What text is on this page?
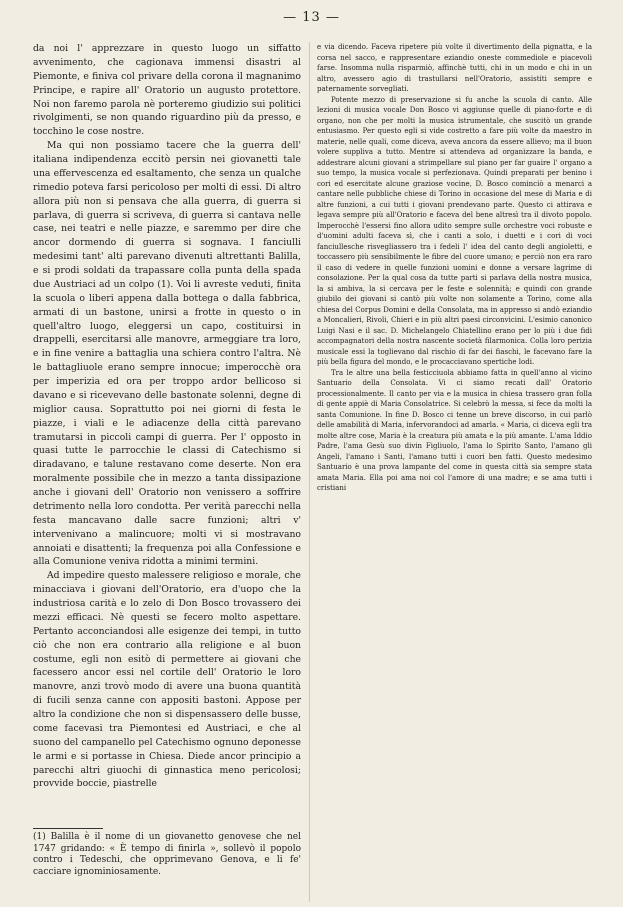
— 13 —

da noi l' apprezzare in questo luogo un siffatto avvenimento, che cagionava immensi disastri al Piemonte, e finiva col privare della corona il magnanimo Principe, e rapire all' Oratorio un augusto protettore. Noi non faremo parola nè porteremo giudizio sui politici rivolgimenti, se non quando riguardino più da presso, e tocchino le cose nostre.

Ma qui non possiamo tacere che la guerra dell' italiana indipendenza eccitò persin nei giovanetti tale una effervescenza ed esaltamento, che senza un qualche rimedio poteva farsi pericoloso per molti di essi. Di altro allora più non si pensava che alla guerra, di guerra si parlava, di guerra si scriveva, di guerra si cantava nelle case, nei teatri e nelle piazze, e saremmo per dire che ancor dormendo di guerra si sognava. I fanciulli medesimi tant' alti parevano divenuti altrettanti Balilla, e si prodi soldati da trapassare colla punta della spada due Austriaci ad un colpo (1). Voi li avreste veduti, finita la scuola o liberi appena dalla bottega o dalla fabbrica, armati di un bastone, unirsi a frotte in questo o in quell'altro luogo, eleggersi un capo, costituirsi in drappelli, esercitarsi alle manovre, armeggiare tra loro, e in fine venire a battaglia una schiera contro l'altra. Nè le battagliuole erano sempre innocue; imperocchè ora per imperizia ed ora per troppo ardor bellicoso si davano e si ricevevano delle bastonate solenni, degne di miglior causa. Soprattutto poi nei giorni di festa le piazze, i viali e le adiacenze della città parevano tramutarsi in piccoli campi di guerra. Per l' opposto in quasi tutte le parrocchie le classi di Catechismo si diradavano, e talune restavano come deserte. Non era moralmente possibile che in mezzo a tanta dissipazione anche i giovani dell' Oratorio non venissero a soffrire detrimento nella loro condotta. Per verità parecchi nella festa mancavano dalle sacre funzioni; altri v' intervenivano a malincuore; molti vi si mostravano annoiati e disattenti; la frequenza poi alla Confessione e alla Comunione veniva ridotta a minimi termini.

Ad impedire questo malessere religioso e morale, che minacciava i giovani dell'Oratorio, era d'uopo che la industriosa carità e lo zelo di Don Bosco trovassero dei mezzi efficaci. Nè questi se fecero molto aspettare. Pertanto acconciandosi alle esigenze dei tempi, in tutto ciò che non era contrario alla religione e al buon costume, egli non esitò di permettere ai giovani che facessero ancor essi nel cortile dell' Oratorio le loro manovre, anzi trovò modo di avere una buona quantità di fucili senza canne con appositi bastoni. Appose per altro la condizione che non si dispensassero delle busse, come facevasi tra Piemontesi ed Austriaci, e che al suono del campanello pel Catechismo ognuno deponesse le armi e si portasse in Chiesa. Diede ancor principio a parecchi altri giuochi di ginnastica meno pericolosi; provvide boccie, piastrelle

e via dicendo. Faceva ripetere più volte il divertimento della pignatta, e la corsa nel sacco, e rappresentare eziandio oneste commediole e piacevoli farse. Insomma nulla risparmiò, affinchè tutti, chi in un modo e chi in un altro, avessero agio di trastullarsi nell'Oratorio, assistiti sempre e paternamente sorvegliati.

Potente mezzo di preservazione si fu anche la scuola di canto. Alle lezioni di musica vocale Don Bosco vi aggiunse quelle di piano-forte e di organo, non che per molti la musica istrumentale, che suscitò un grande entusiasmo. Per questo egli si vide costretto a fare più volte da maestro in materie, nelle quali, come diceva, aveva ancora da essere allievo; ma il buon volere suppliva a tutto. Mentre si attendeva ad organizzare la banda, e addestrare alcuni giovani a strimpellare sul piano per far guaire l' organo a suo tempo, la musica vocale si perfezionava. Quindi preparati per benino i cori ed esercitate alcune graziose vocine, D. Bosco cominciò a menarci a cantare nelle pubbliche chiese di Torino in occasione del mese di Maria e di altre funzioni, a cui tutti i giovani prendevano parte. Questo ci attirava e legava sempre più all'Oratorio e faceva del bene altresì tra il divoto popolo. Imperocchè l'essersi fino allora udito sempre sulle orchestre voci robuste e d'uomini adulti faceva sì, che i canti a solo, i duetti e i cori di voci fanciullesche risvegliassero tra i fedeli l' idea del canto degli angioletti, e toccassero più sensibilmente le fibre del cuore umano; e perciò non era raro il caso di vedere in quelle funzioni uomini e donne a versare lagrime di consolazione. Per la qual cosa da tutte parti si parlava della nostra musica, la si ambiva, la si cercava per le feste e solennità; e quindi con grande giubilo dei giovani si cantò più volte non solamente a Torino, come alla chiesa del Corpus Domini e della Consolata, ma in appresso si andò eziandio a Moncalieri, Rivoli, Chieri e in più altri paesi circonvicini. L'esimio canonico Luigi Nasi e il sac. D. Michelangelo Chiatellino erano per lo più i due fidi accompagnatori della nostra nascente società filarmonica. Colla loro perizia musicale essi la toglievano dal rischio di far dei fiaschi, le facevano fare la più bella figura del mondo, e le procacciavano spertiche lodi.

Tra le altre una bella festicciuola abbiamo fatta in quell'anno al vicino Santuario della Consolata. Vi ci siamo recati dall' Oratorio processionalmente. Il canto per via e la musica in chiesa trassero gran folla di gente appiè di Maria Consolatrice. Si celebrò la messa, si fece da molti la santa Comunione. In fine D. Bosco ci tenne un breve discorso, in cui parlò delle amabilità di Maria, infervorandoci ad amarla. « Maria, ci diceva egli tra molte altre cose, Maria è la creatura più amata e la più amante. L'ama Iddio Padre, l'ama Gesù suo divin Figliuolo, l'ama lo Spirito Santo, l'amano gli Angeli, l'amano i Santi, l'amano tutti i cuori ben fatti. Questo medesimo Santuario è una prova lampante del come in questa città sia sempre stata amata Maria. Ella poi ama noi col l'amore di una madre; e se ama tutti i cristiani

(1) Balilla è il nome di un giovanetto genovese che nel 1747 gridando: « È tempo di finirla », sollevò il popolo contro i Tedeschi, che opprimevano Genova, e li fe' cacciare ignominiosamente.
